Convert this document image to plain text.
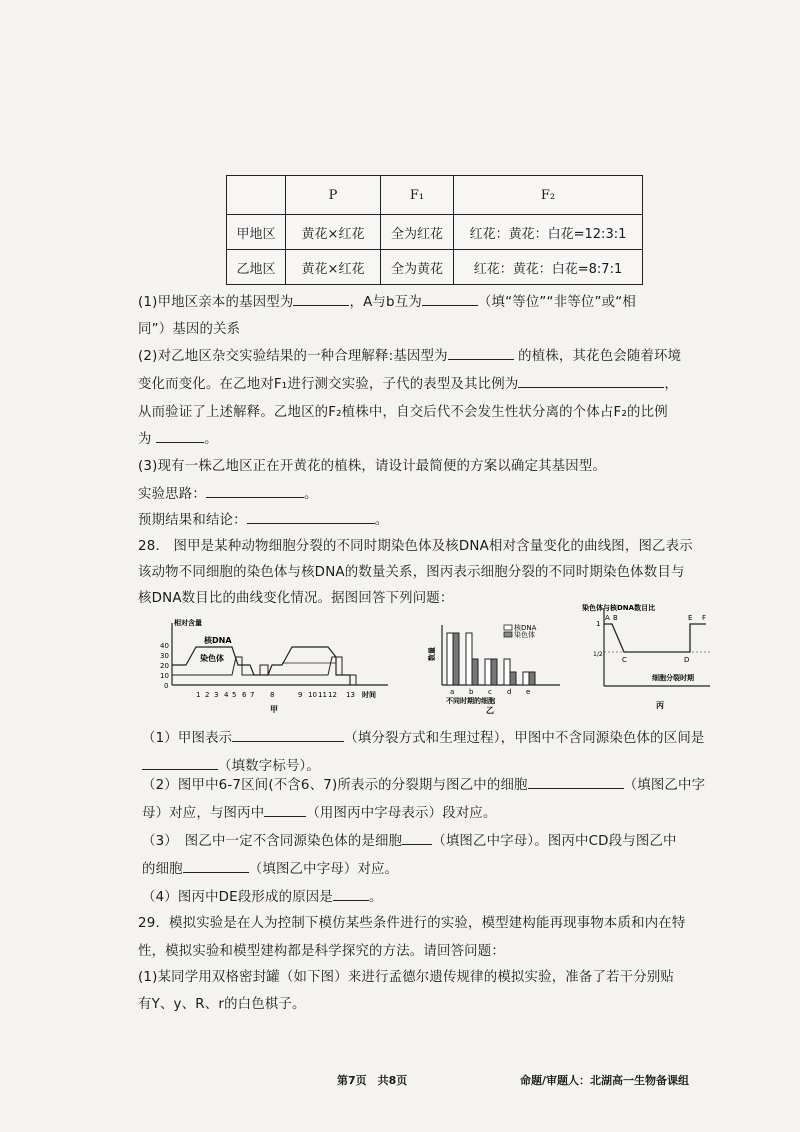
	P	F₁	F₂
甲地区	黄花×红花	全为红花	红花：黄花：白花=12:3:1
乙地区	黄花×红花	全为黄花	红花：黄花：白花=8:7:1
(1)甲地区亲本的基因型为	，A与b互为	（填“等位”“非等位”或“相
同”）基因的关系
(2)对乙地区杂交实验结果的一种合理解释:基因型为	的植株，其花色会随着环境
变化而变化。在乙地对F₁进行测交实验，子代的表型及其比例为	，
从而验证了上述解释。乙地区的F₂植株中，自交后代不会发生性状分离的个体占F₂的比例
为	。
(3)现有一株乙地区正在开黄花的植株，请设计最简便的方案以确定其基因型。
实验思路：	。
预期结果和结论：	。
28.　图甲是某种动物细胞分裂的不同时期染色体及核DNA相对含量变化的曲线图，图乙表示
该动物不同细胞的染色体与核DNA的数量关系，图丙表示细胞分裂的不同时期染色体数目与
核DNA数目比的曲线变化情况。据图回答下列问题：
相对含量
核DNA
染色体
40
30
20
10
0
1 2 3 4 5 6 7 8	9 10 11 12 13 时间
甲
数量
核DNA
染色体
a b c d e
不同时期的细胞
乙
染色体与核DNA数目比
1
1/2
A B
C	D
E F
细胞分裂时期
丙
（1）甲图表示	（填分裂方式和生理过程），甲图中不含同源染色体的区间是
（填数字标号）。
（2）图甲中6-7区间(不含6、7)所表示的分裂期与图乙中的细胞	（填图乙中字
母）对应，与图丙中	（用图丙中字母表示）段对应。
（3）　图乙中一定不含同源染色体的是细胞 （填图乙中字母）。图丙中CD段与图乙中
的细胞	（填图乙中字母）对应。
（4）图丙中DE段形成的原因是	。
29．模拟实验是在人为控制下模仿某些条件进行的实验，模型建构能再现事物本质和内在特
性，模拟实验和模型建构都是科学探究的方法。请回答问题：
(1)某同学用双格密封罐（如下图）来进行孟德尔遗传规律的模拟实验，准备了若干分别贴
有Y、y、R、r的白色棋子。
第7页　共8页	命题/审题人：北湖高一生物备课组
